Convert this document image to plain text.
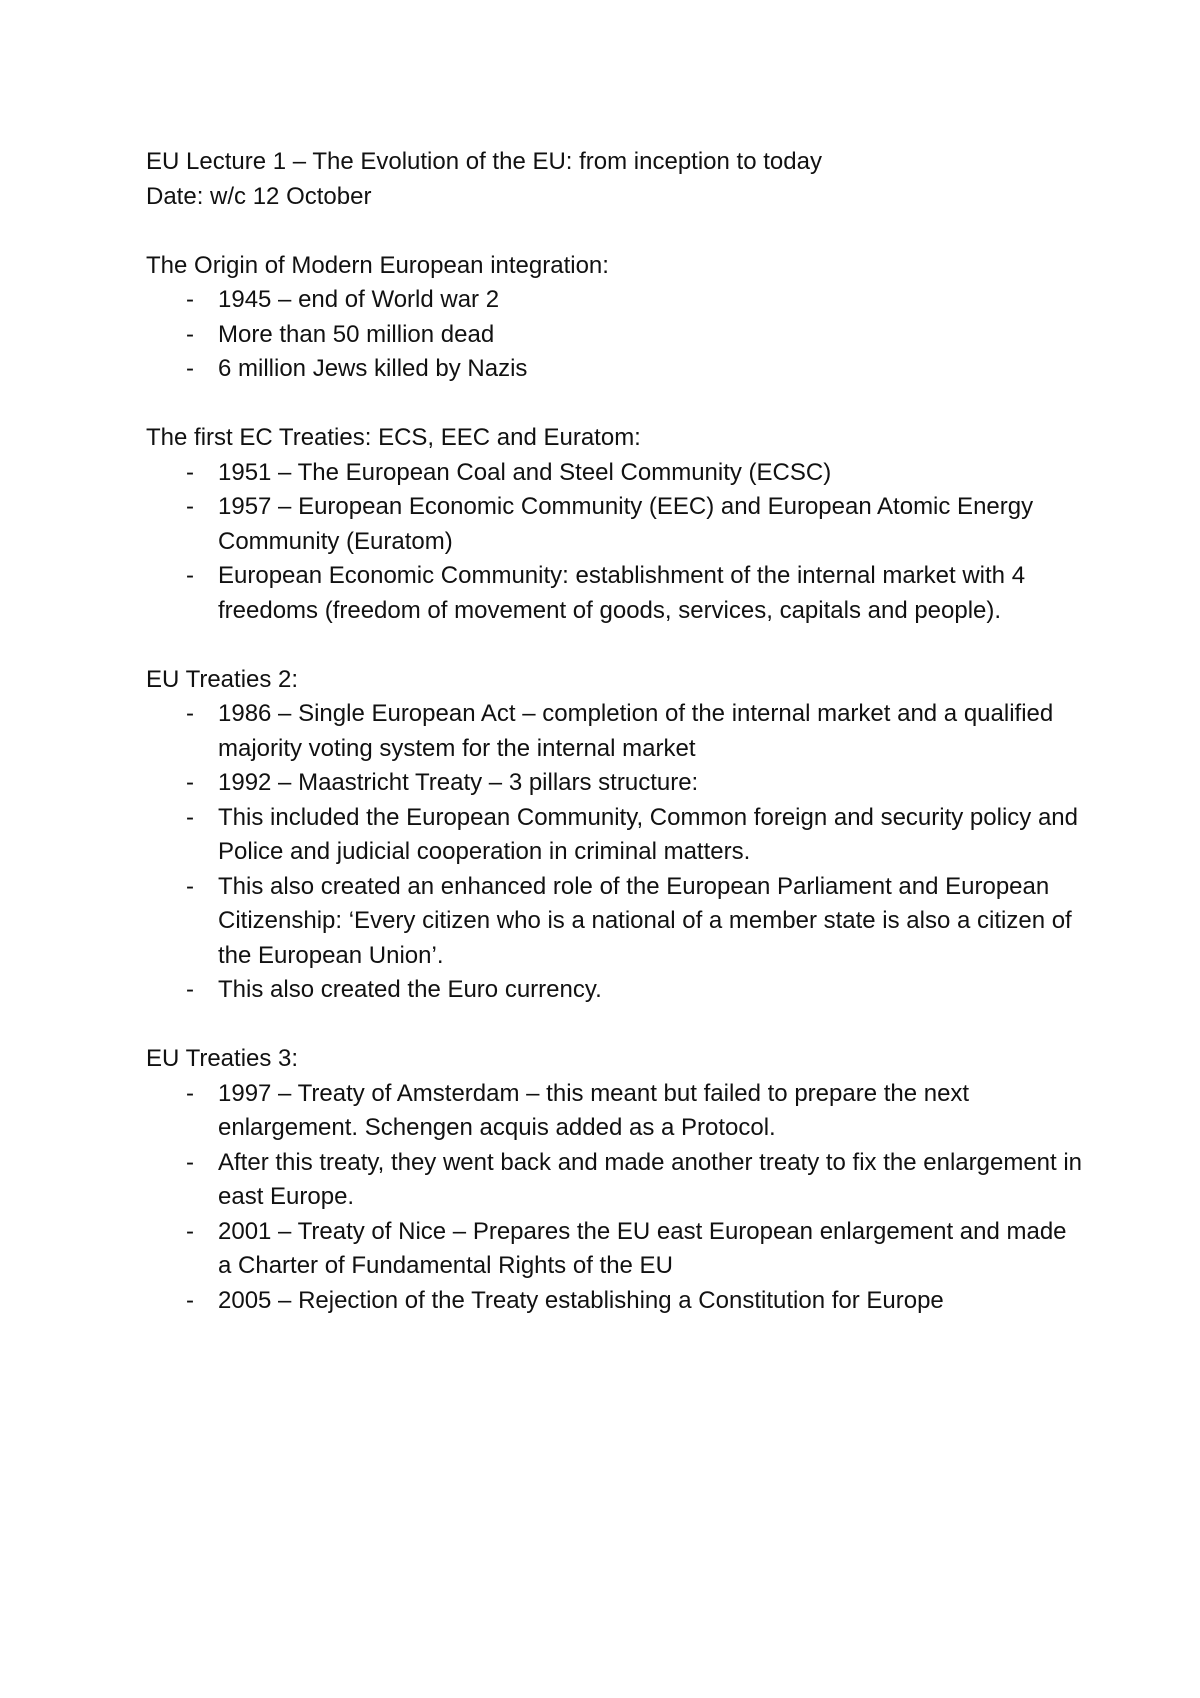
EU Lecture 1 – The Evolution of the EU: from inception to today

Date: w/c 12 October

The Origin of Modern European integration:

- 1945 – end of World war 2
- More than 50 million dead
- 6 million Jews killed by Nazis

The first EC Treaties: ECS, EEC and Euratom:

- 1951 – The European Coal and Steel Community (ECSC)
- 1957 – European Economic Community (EEC) and European Atomic Energy Community (Euratom)
- European Economic Community: establishment of the internal market with 4 freedoms (freedom of movement of goods, services, capitals and people).

EU Treaties 2:

- 1986 – Single European Act – completion of the internal market and a qualified majority voting system for the internal market
- 1992 – Maastricht Treaty – 3 pillars structure:
- This included the European Community, Common foreign and security policy and Police and judicial cooperation in criminal matters.
- This also created an enhanced role of the European Parliament and European Citizenship: ‘Every citizen who is a national of a member state is also a citizen of the European Union’.
- This also created the Euro currency.

EU Treaties 3:

- 1997 – Treaty of Amsterdam – this meant but failed to prepare the next enlargement. Schengen acquis added as a Protocol.
- After this treaty, they went back and made another treaty to fix the enlargement in east Europe.
- 2001 – Treaty of Nice – Prepares the EU east European enlargement and made a Charter of Fundamental Rights of the EU
- 2005 – Rejection of the Treaty establishing a Constitution for Europe
